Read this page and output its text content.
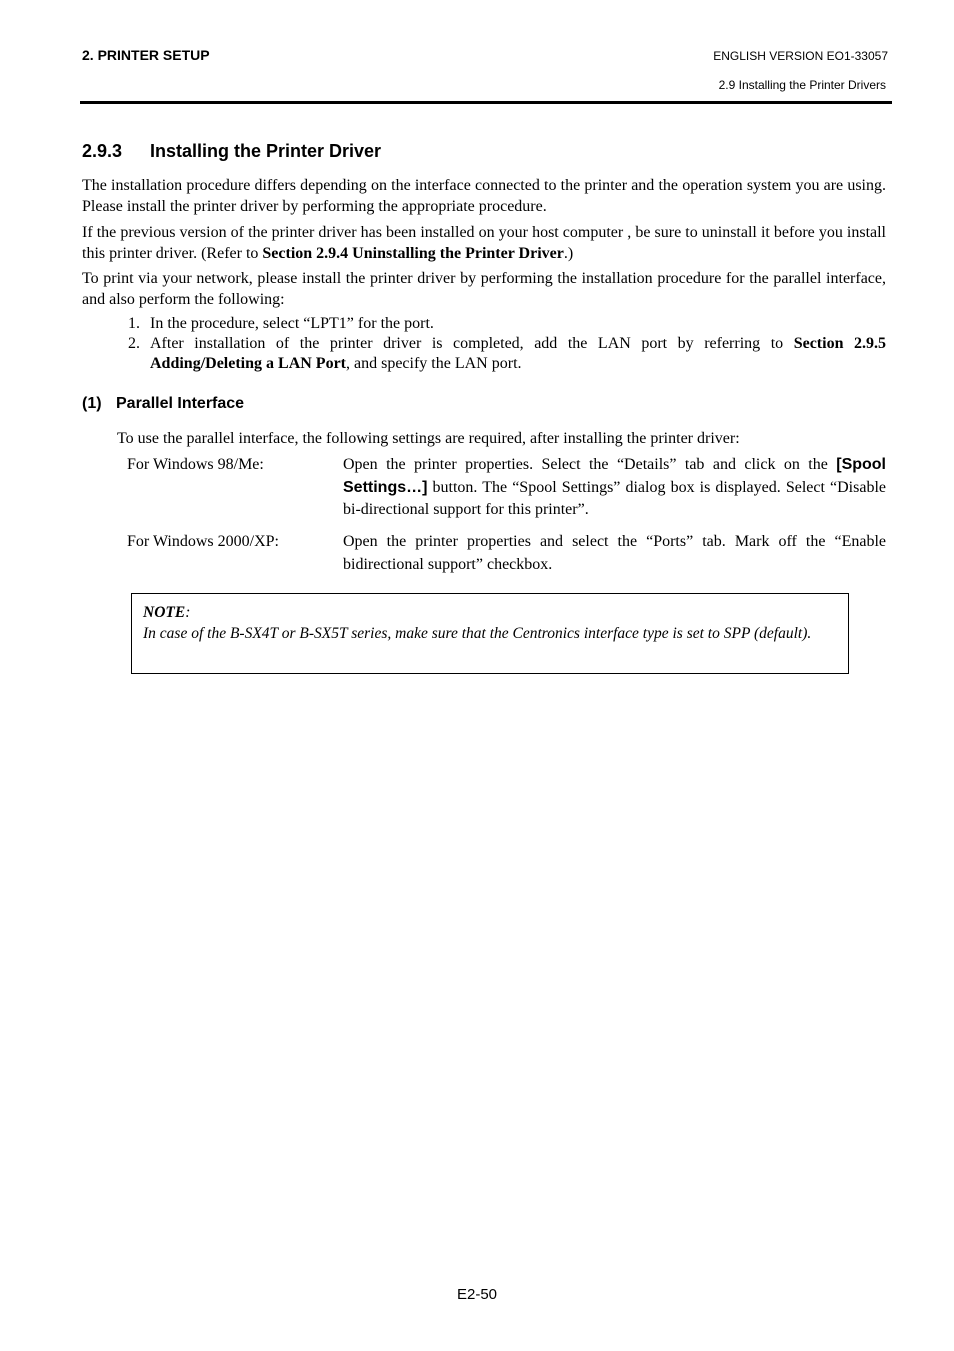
2. PRINTER SETUP	ENGLISH VERSION EO1-33057
2.9 Installing the Printer Drivers
2.9.3 Installing the Printer Driver
The installation procedure differs depending on the interface connected to the printer and the operation system you are using. Please install the printer driver by performing the appropriate procedure.
If the previous version of the printer driver has been installed on your host computer , be sure to uninstall it before you install this printer driver. (Refer to Section 2.9.4 Uninstalling the Printer Driver.)
To print via your network, please install the printer driver by performing the installation procedure for the parallel interface, and also perform the following:
1. In the procedure, select “LPT1” for the port.
2. After installation of the printer driver is completed, add the LAN port by referring to Section 2.9.5 Adding/Deleting a LAN Port, and specify the LAN port.
(1) Parallel Interface
To use the parallel interface, the following settings are required, after installing the printer driver:
For Windows 98/Me:	Open the printer properties. Select the “Details” tab and click on the [Spool Settings…] button. The “Spool Settings” dialog box is displayed. Select “Disable bi-directional support for this printer”.
For Windows 2000/XP:	Open the printer properties and select the “Ports” tab. Mark off the “Enable bidirectional support” checkbox.
NOTE:
In case of the B-SX4T or B-SX5T series, make sure that the Centronics interface type is set to SPP (default).
E2-50
